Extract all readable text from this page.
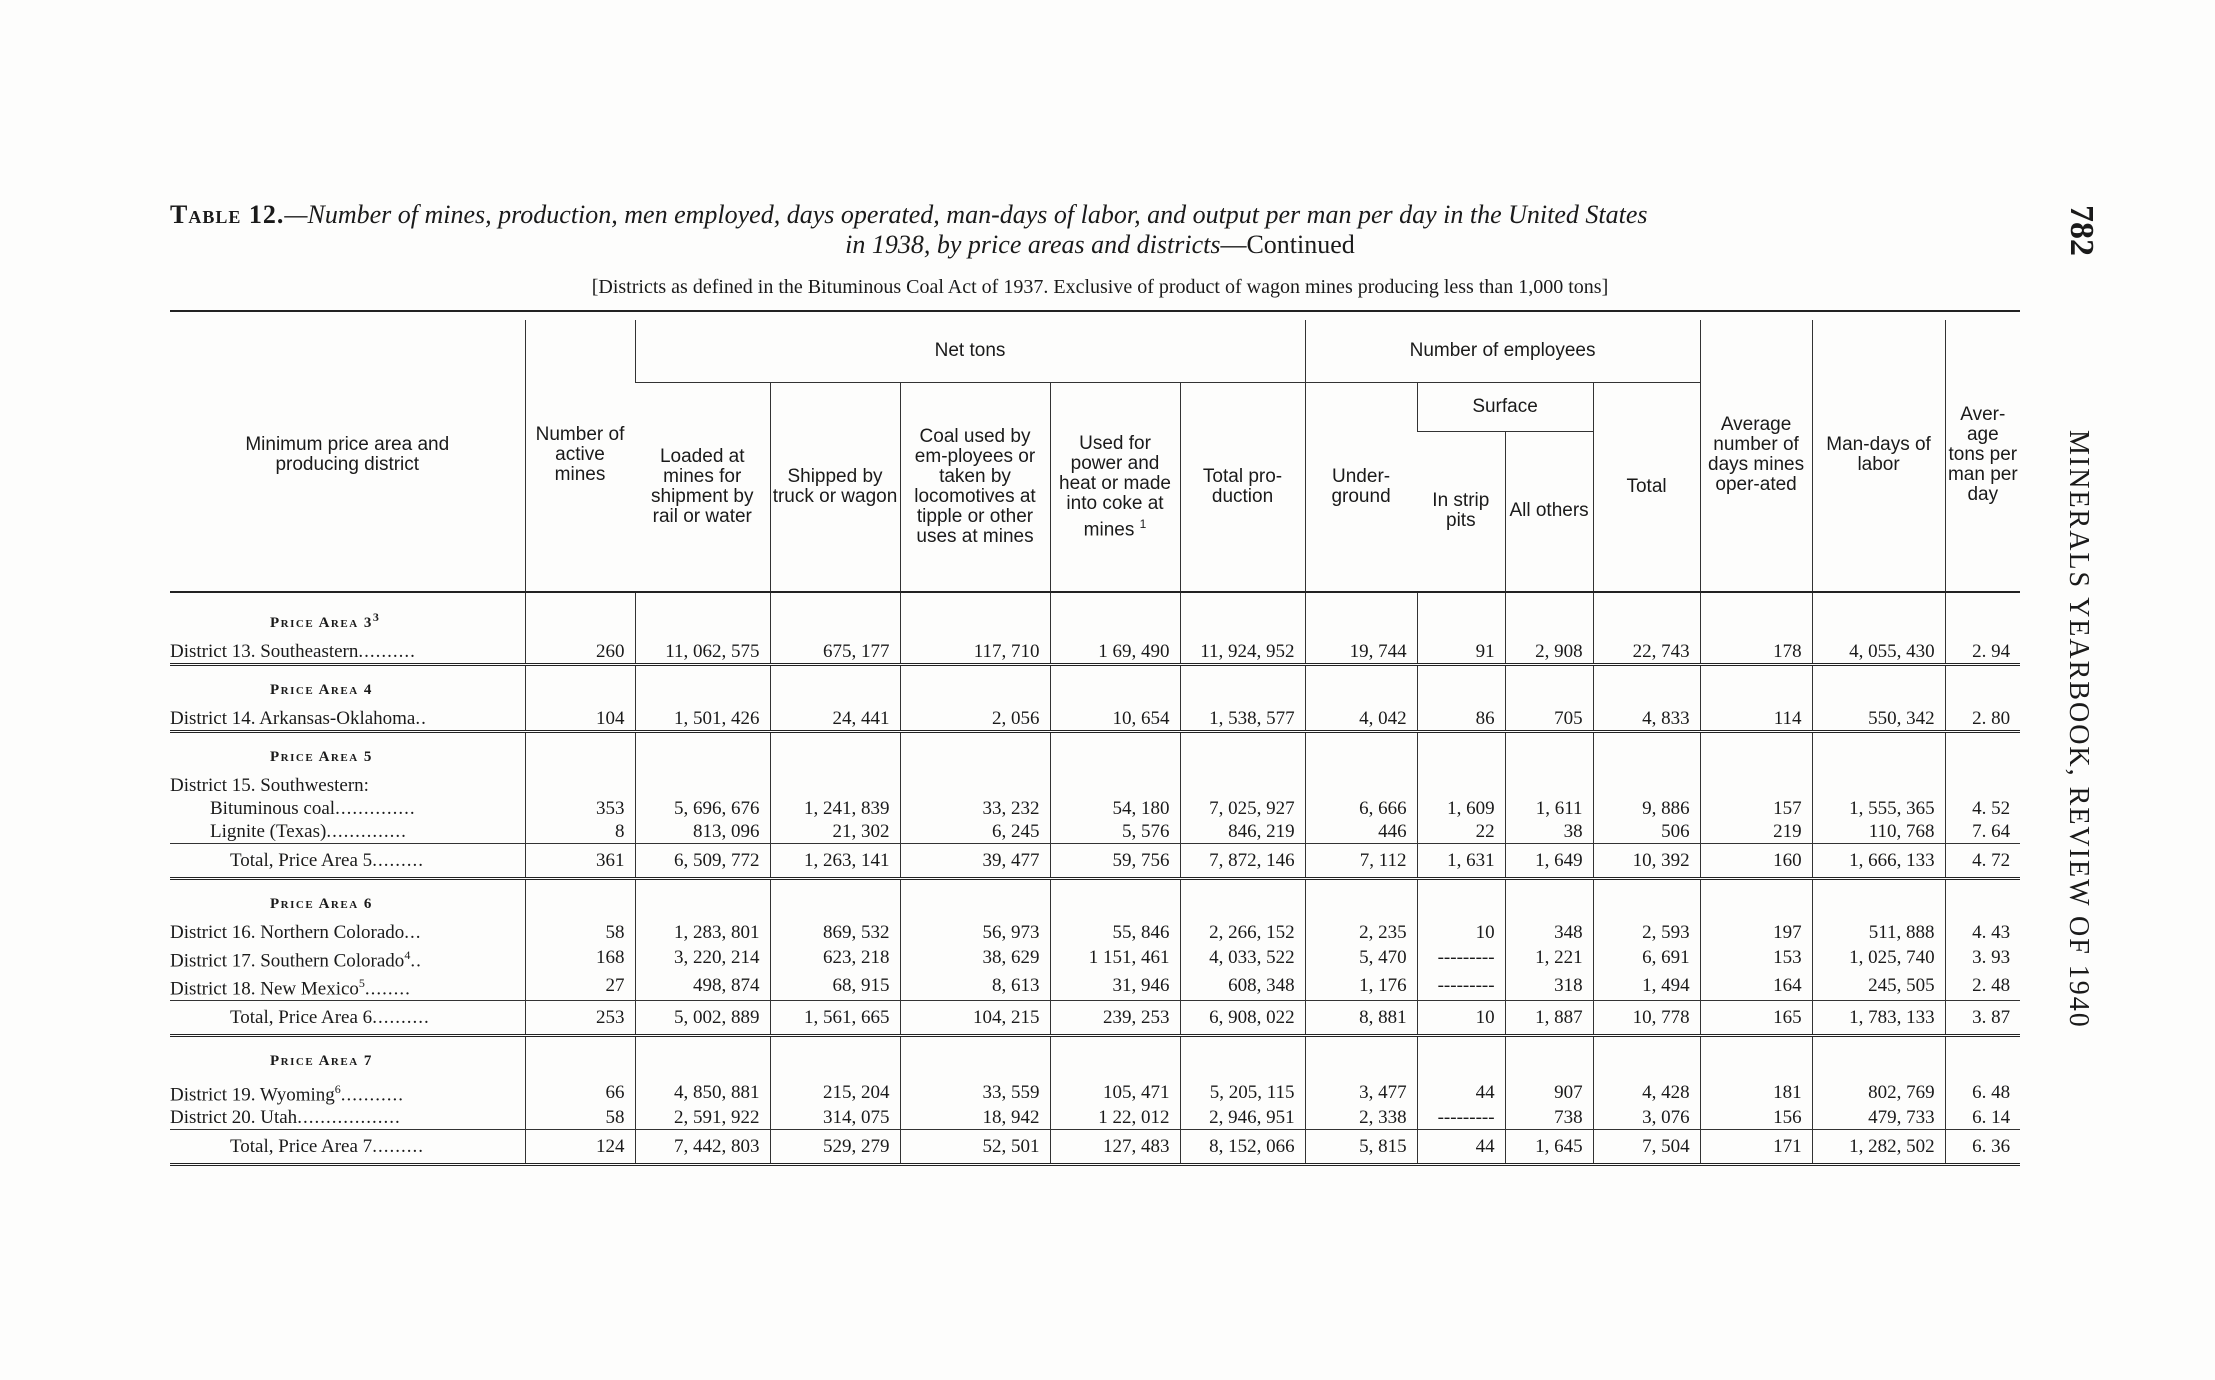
Table 12.—Number of mines, production, men employed, days operated, man-days of labor, and output per man per day in the United States
in 1938, by price areas and districts—Continued
[Districts as defined in the Bituminous Coal Act of 1937. Exclusive of product of wagon mines producing less than 1,000 tons]
782
MINERALS YEARBOOK, REVIEW OF 1940
Minimum price area and producing district	Number of active mines	Net tons					Number of employees				Average number of days mines oper-ated	Man-days of labor	Aver-age tons per man per day
		Loaded at mines for shipment by rail or water	Shipped by truck or wagon	Coal used by em-ployees or taken by locomotives at tipple or other uses at mines	Used for power and heat or made into coke at mines $^1$	Total pro-duction	Under-ground	Surface		Total			
								In strip pits	All others				
Price Area $3^3$													
District 13. Southeastern..........	260	11, 062, 575	675, 177	117, 710	1 69, 490	11, 924, 952	19, 744	91	2, 908	22, 743	178	4, 055, 430	2. 94
Price Area 4													
District 14. Arkansas-Oklahoma..	104	1, 501, 426	24, 441	2, 056	10, 654	1, 538, 577	4, 042	86	705	4, 833	114	550, 342	2. 80
Price Area 5													
District 15. Southwestern:													
Bituminous coal..............	353	5, 696, 676	1, 241, 839	33, 232	54, 180	7, 025, 927	6, 666	1, 609	1, 611	9, 886	157	1, 555, 365	4. 52
Lignite (Texas)..............	8	813, 096	21, 302	6, 245	5, 576	846, 219	446	22	38	506	219	110, 768	7. 64
Total, Price Area 5.........	361	6, 509, 772	1, 263, 141	39, 477	59, 756	7, 872, 146	7, 112	1, 631	1, 649	10, 392	160	1, 666, 133	4. 72
Price Area 6													
District 16. Northern Colorado...	58	1, 283, 801	869, 532	56, 973	55, 846	2, 266, 152	2, 235	10	348	2, 593	197	511, 888	4. 43
District 17. Southern Colorado$^4$..	168	3, 220, 214	623, 218	38, 629	1 151, 461	4, 033, 522	5, 470	---------	1, 221	6, 691	153	1, 025, 740	3. 93
District 18. New Mexico$^5$........	27	498, 874	68, 915	8, 613	31, 946	608, 348	1, 176	---------	318	1, 494	164	245, 505	2. 48
Total, Price Area 6..........	253	5, 002, 889	1, 561, 665	104, 215	239, 253	6, 908, 022	8, 881	10	1, 887	10, 778	165	1, 783, 133	3. 87
Price Area 7													
District 19. Wyoming$^6$...........	66	4, 850, 881	215, 204	33, 559	105, 471	5, 205, 115	3, 477	44	907	4, 428	181	802, 769	6. 48
District 20. Utah..................	58	2, 591, 922	314, 075	18, 942	1 22, 012	2, 946, 951	2, 338	---------	738	3, 076	156	479, 733	6. 14
Total, Price Area 7.........	124	7, 442, 803	529, 279	52, 501	127, 483	8, 152, 066	5, 815	44	1, 645	7, 504	171	1, 282, 502	6. 36
